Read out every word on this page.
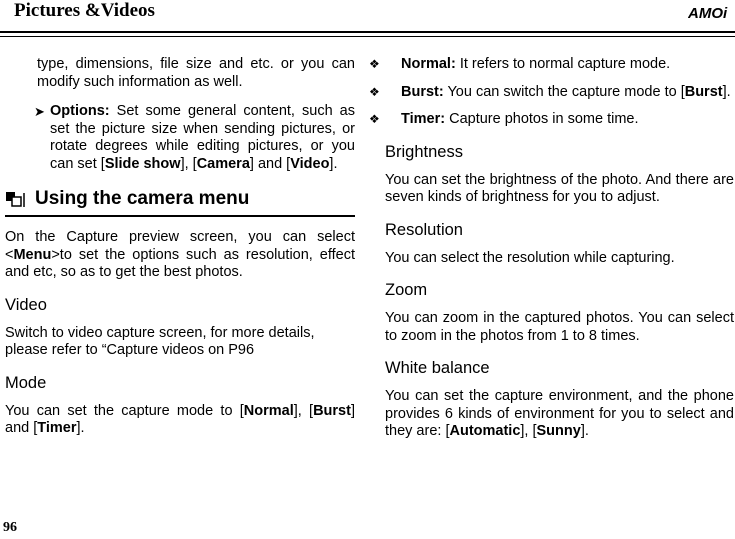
Pictures &Videos	AMOi

type, dimensions, file size and etc. or you can modify such information as well.

➤ Options: Set some general content, such as set the picture size when sending pictures, or rotate degrees while editing pictures, or you can set [Slide show], [Camera] and [Video].

Using the camera menu

On the Capture preview screen, you can select <Menu>to set the options such as resolution, effect and etc, so as to get the best photos.

Video

Switch to video capture screen, for more details, please refer to “Capture videos on P96

Mode

You can set the capture mode to [Normal], [Burst] and [Timer].

❖ Normal: It refers to normal capture mode.

❖ Burst: You can switch the capture mode to [Burst].

❖ Timer: Capture photos in some time.

Brightness

You can set the brightness of the photo. And there are seven kinds of brightness for you to adjust.

Resolution

You can select the resolution while capturing.

Zoom

You can zoom in the captured photos. You can select to zoom in the photos from 1 to 8 times.

White balance

You can set the capture environment, and the phone provides 6 kinds of environment for you to select and they are: [Automatic], [Sunny].

96
